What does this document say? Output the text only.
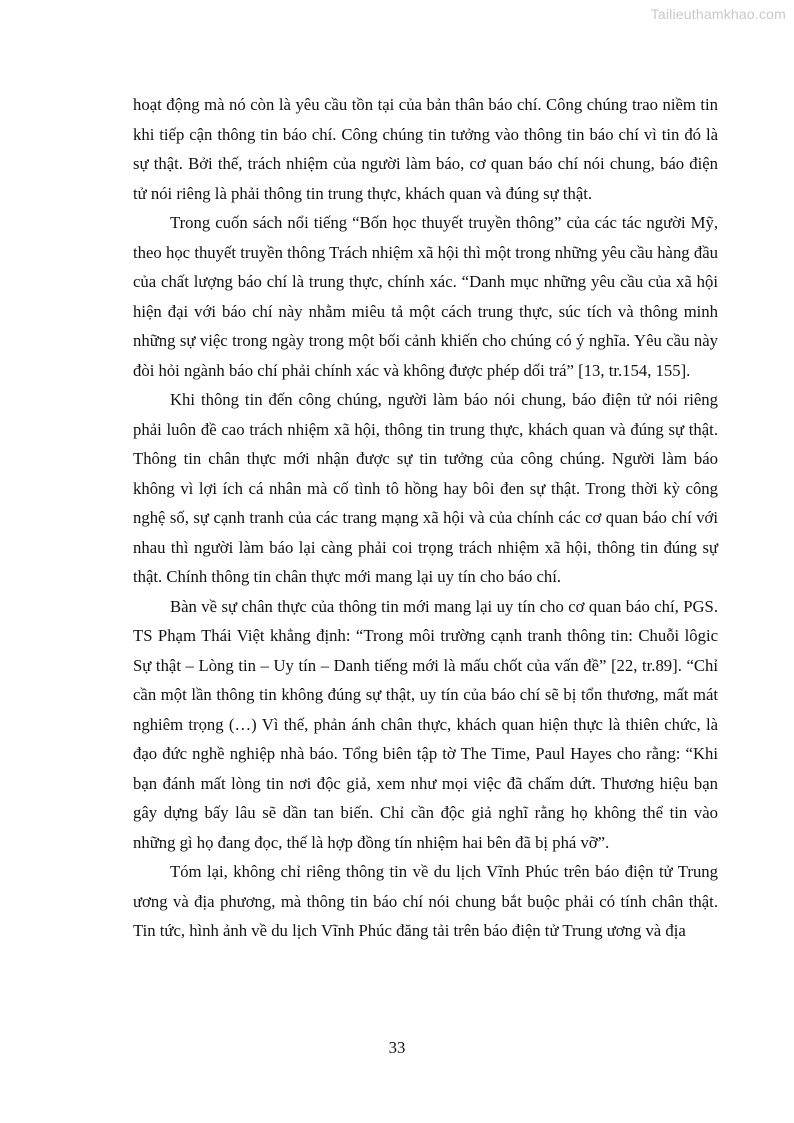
Tailieuthamkhao.com

hoạt động mà nó còn là yêu cầu tồn tại của bản thân báo chí. Công chúng trao niềm tin khi tiếp cận thông tin báo chí. Công chúng tin tưởng vào thông tin báo chí vì tin đó là sự thật. Bởi thế, trách nhiệm của người làm báo, cơ quan báo chí nói chung, báo điện tử nói riêng là phải thông tin trung thực, khách quan và đúng sự thật.

Trong cuốn sách nổi tiếng “Bốn học thuyết truyền thông” của các tác người Mỹ, theo học thuyết truyền thông Trách nhiệm xã hội thì một trong những yêu cầu hàng đầu của chất lượng báo chí là trung thực, chính xác. “Danh mục những yêu cầu của xã hội hiện đại với báo chí này nhằm miêu tả một cách trung thực, súc tích và thông minh những sự việc trong ngày trong một bối cảnh khiến cho chúng có ý nghĩa. Yêu cầu này đòi hỏi ngành báo chí phải chính xác và không được phép dối trá” [13, tr.154, 155].

Khi thông tin đến công chúng, người làm báo nói chung, báo điện tử nói riêng phải luôn đề cao trách nhiệm xã hội, thông tin trung thực, khách quan và đúng sự thật. Thông tin chân thực mới nhận được sự tin tưởng của công chúng. Người làm báo không vì lợi ích cá nhân mà cố tình tô hồng hay bôi đen sự thật. Trong thời kỳ công nghệ số, sự cạnh tranh của các trang mạng xã hội và của chính các cơ quan báo chí với nhau thì người làm báo lại càng phải coi trọng trách nhiệm xã hội, thông tin đúng sự thật. Chính thông tin chân thực mới mang lại uy tín cho báo chí.

Bàn về sự chân thực của thông tin mới mang lại uy tín cho cơ quan báo chí, PGS. TS Phạm Thái Việt khẳng định: “Trong môi trường cạnh tranh thông tin: Chuỗi lôgic Sự thật – Lòng tin – Uy tín – Danh tiếng mới là mấu chốt của vấn đề” [22, tr.89]. “Chỉ cần một lần thông tin không đúng sự thật, uy tín của báo chí sẽ bị tổn thương, mất mát nghiêm trọng (…) Vì thế, phản ánh chân thực, khách quan hiện thực là thiên chức, là đạo đức nghề nghiệp nhà báo. Tổng biên tập tờ The Time, Paul Hayes cho rằng: “Khi bạn đánh mất lòng tin nơi độc giả, xem như mọi việc đã chấm dứt. Thương hiệu bạn gây dựng bấy lâu sẽ dần tan biến. Chỉ cần độc giả nghĩ rằng họ không thể tin vào những gì họ đang đọc, thế là hợp đồng tín nhiệm hai bên đã bị phá vỡ”.

Tóm lại, không chỉ riêng thông tin về du lịch Vĩnh Phúc trên báo điện tử Trung ương và địa phương, mà thông tin báo chí nói chung bắt buộc phải có tính chân thật. Tin tức, hình ảnh về du lịch Vĩnh Phúc đăng tải trên báo điện tử Trung ương và địa

33
